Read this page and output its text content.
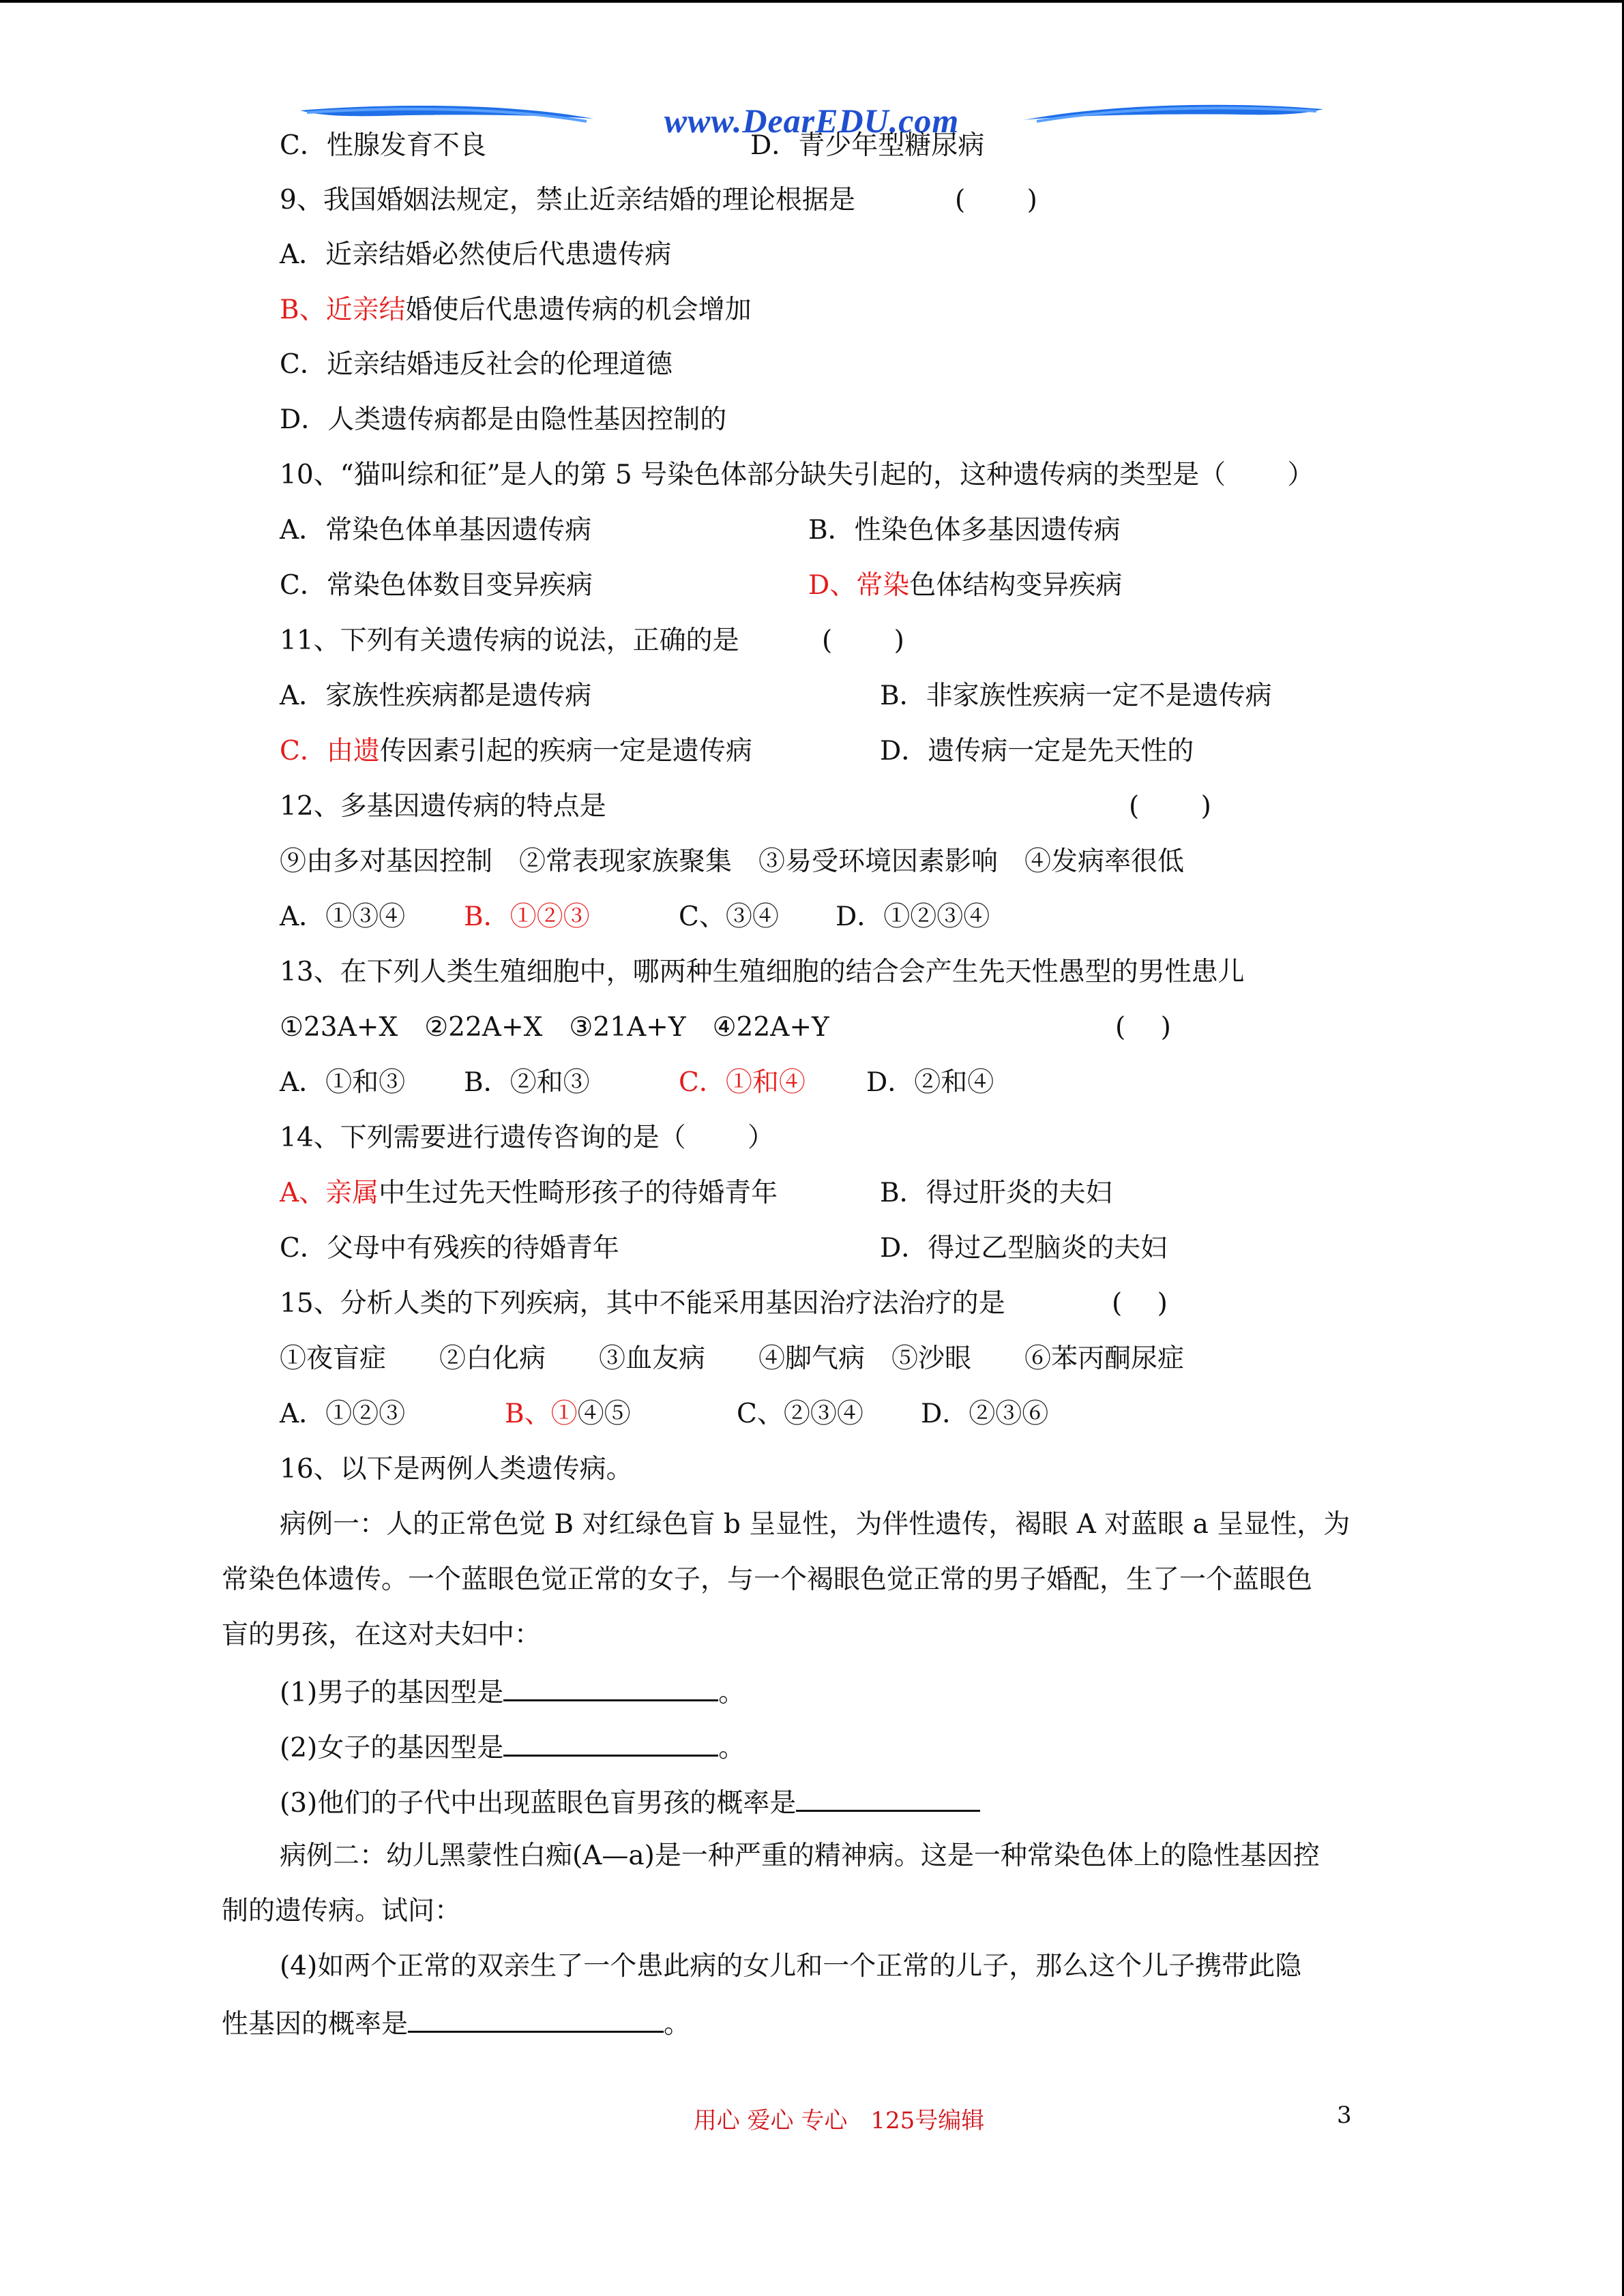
www.DearEDU.com
C．性腺发育不良	D．青少年型糖尿病
9、我国婚姻法规定，禁止近亲结婚的理论根据是	(　　 )
A．近亲结婚必然使后代患遗传病
B、近亲结婚使后代患遗传病的机会增加
C．近亲结婚违反社会的伦理道德
D．人类遗传病都是由隐性基因控制的
10、“猫叫综和征”是人的第 5 号染色体部分缺失引起的，这种遗传病的类型是（　　 ）
A．常染色体单基因遗传病	B．性染色体多基因遗传病
C．常染色体数目变异疾病	D、常染色体结构变异疾病
11、下列有关遗传病的说法，正确的是	(　　 )
A．家族性疾病都是遗传病	B．非家族性疾病一定不是遗传病
C．由遗传因素引起的疾病一定是遗传病	D．遗传病一定是先天性的
12、多基因遗传病的特点是	(　　 )
⑨由多对基因控制　②常表现家族聚集　③易受环境因素影响　④发病率很低
A．①③④ B．①②③	C、③④ D．①②③④
13、在下列人类生殖细胞中，哪两种生殖细胞的结合会产生先天性愚型的男性患儿
①23A+X　②22A+X　③21A+Y　④22A+Y	(　 )
A．①和③ B．②和③	C．①和④ D．②和④
14、下列需要进行遗传咨询的是（　　 ）
A、亲属中生过先天性畸形孩子的待婚青年	B．得过肝炎的夫妇
C．父母中有残疾的待婚青年	D．得过乙型脑炎的夫妇
15、分析人类的下列疾病，其中不能采用基因治疗法治疗的是	(　 )
①夜盲症　　②白化病　　③血友病　　④脚气病　⑤沙眼　　⑥苯丙酮尿症
A．①②③	B、①④⑤	C、②③④ D．②③⑥
16、以下是两例人类遗传病。
病例一：人的正常色觉 B 对红绿色盲 b 呈显性，为伴性遗传，褐眼 A 对蓝眼 a 呈显性，为
常染色体遗传。一个蓝眼色觉正常的女子，与一个褐眼色觉正常的男子婚配，生了一个蓝眼色
盲的男孩，在这对夫妇中：
(1)男子的基因型是	。
(2)女子的基因型是	。
(3)他们的子代中出现蓝眼色盲男孩的概率是
病例二：幼儿黑蒙性白痴(A—a)是一种严重的精神病。这是一种常染色体上的隐性基因控
制的遗传病。试问：
(4)如两个正常的双亲生了一个患此病的女儿和一个正常的儿子，那么这个儿子携带此隐
性基因的概率是	。
用心 爱心 专心　125号编辑	3
